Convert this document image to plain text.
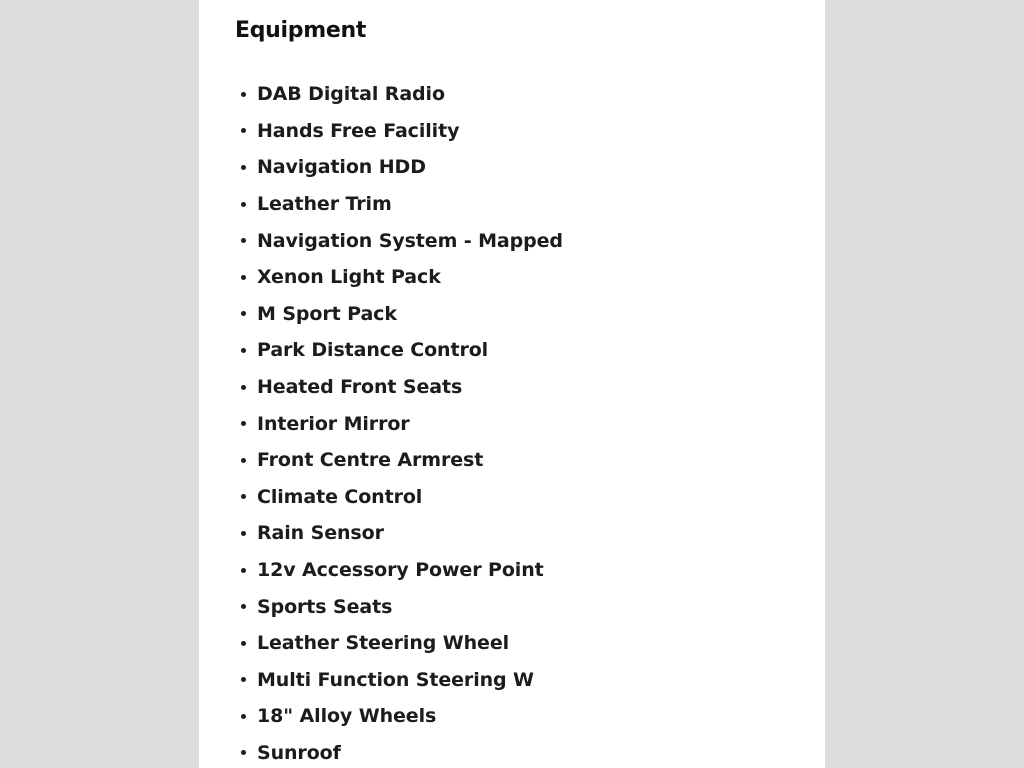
Equipment
DAB Digital Radio
Hands Free Facility
Navigation HDD
Leather Trim
Navigation System - Mapped
Xenon Light Pack
M Sport Pack
Park Distance Control
Heated Front Seats
Interior Mirror
Front Centre Armrest
Climate Control
Rain Sensor
12v Accessory Power Point
Sports Seats
Leather Steering Wheel
Multi Function Steering W
18" Alloy Wheels
Sunroof
